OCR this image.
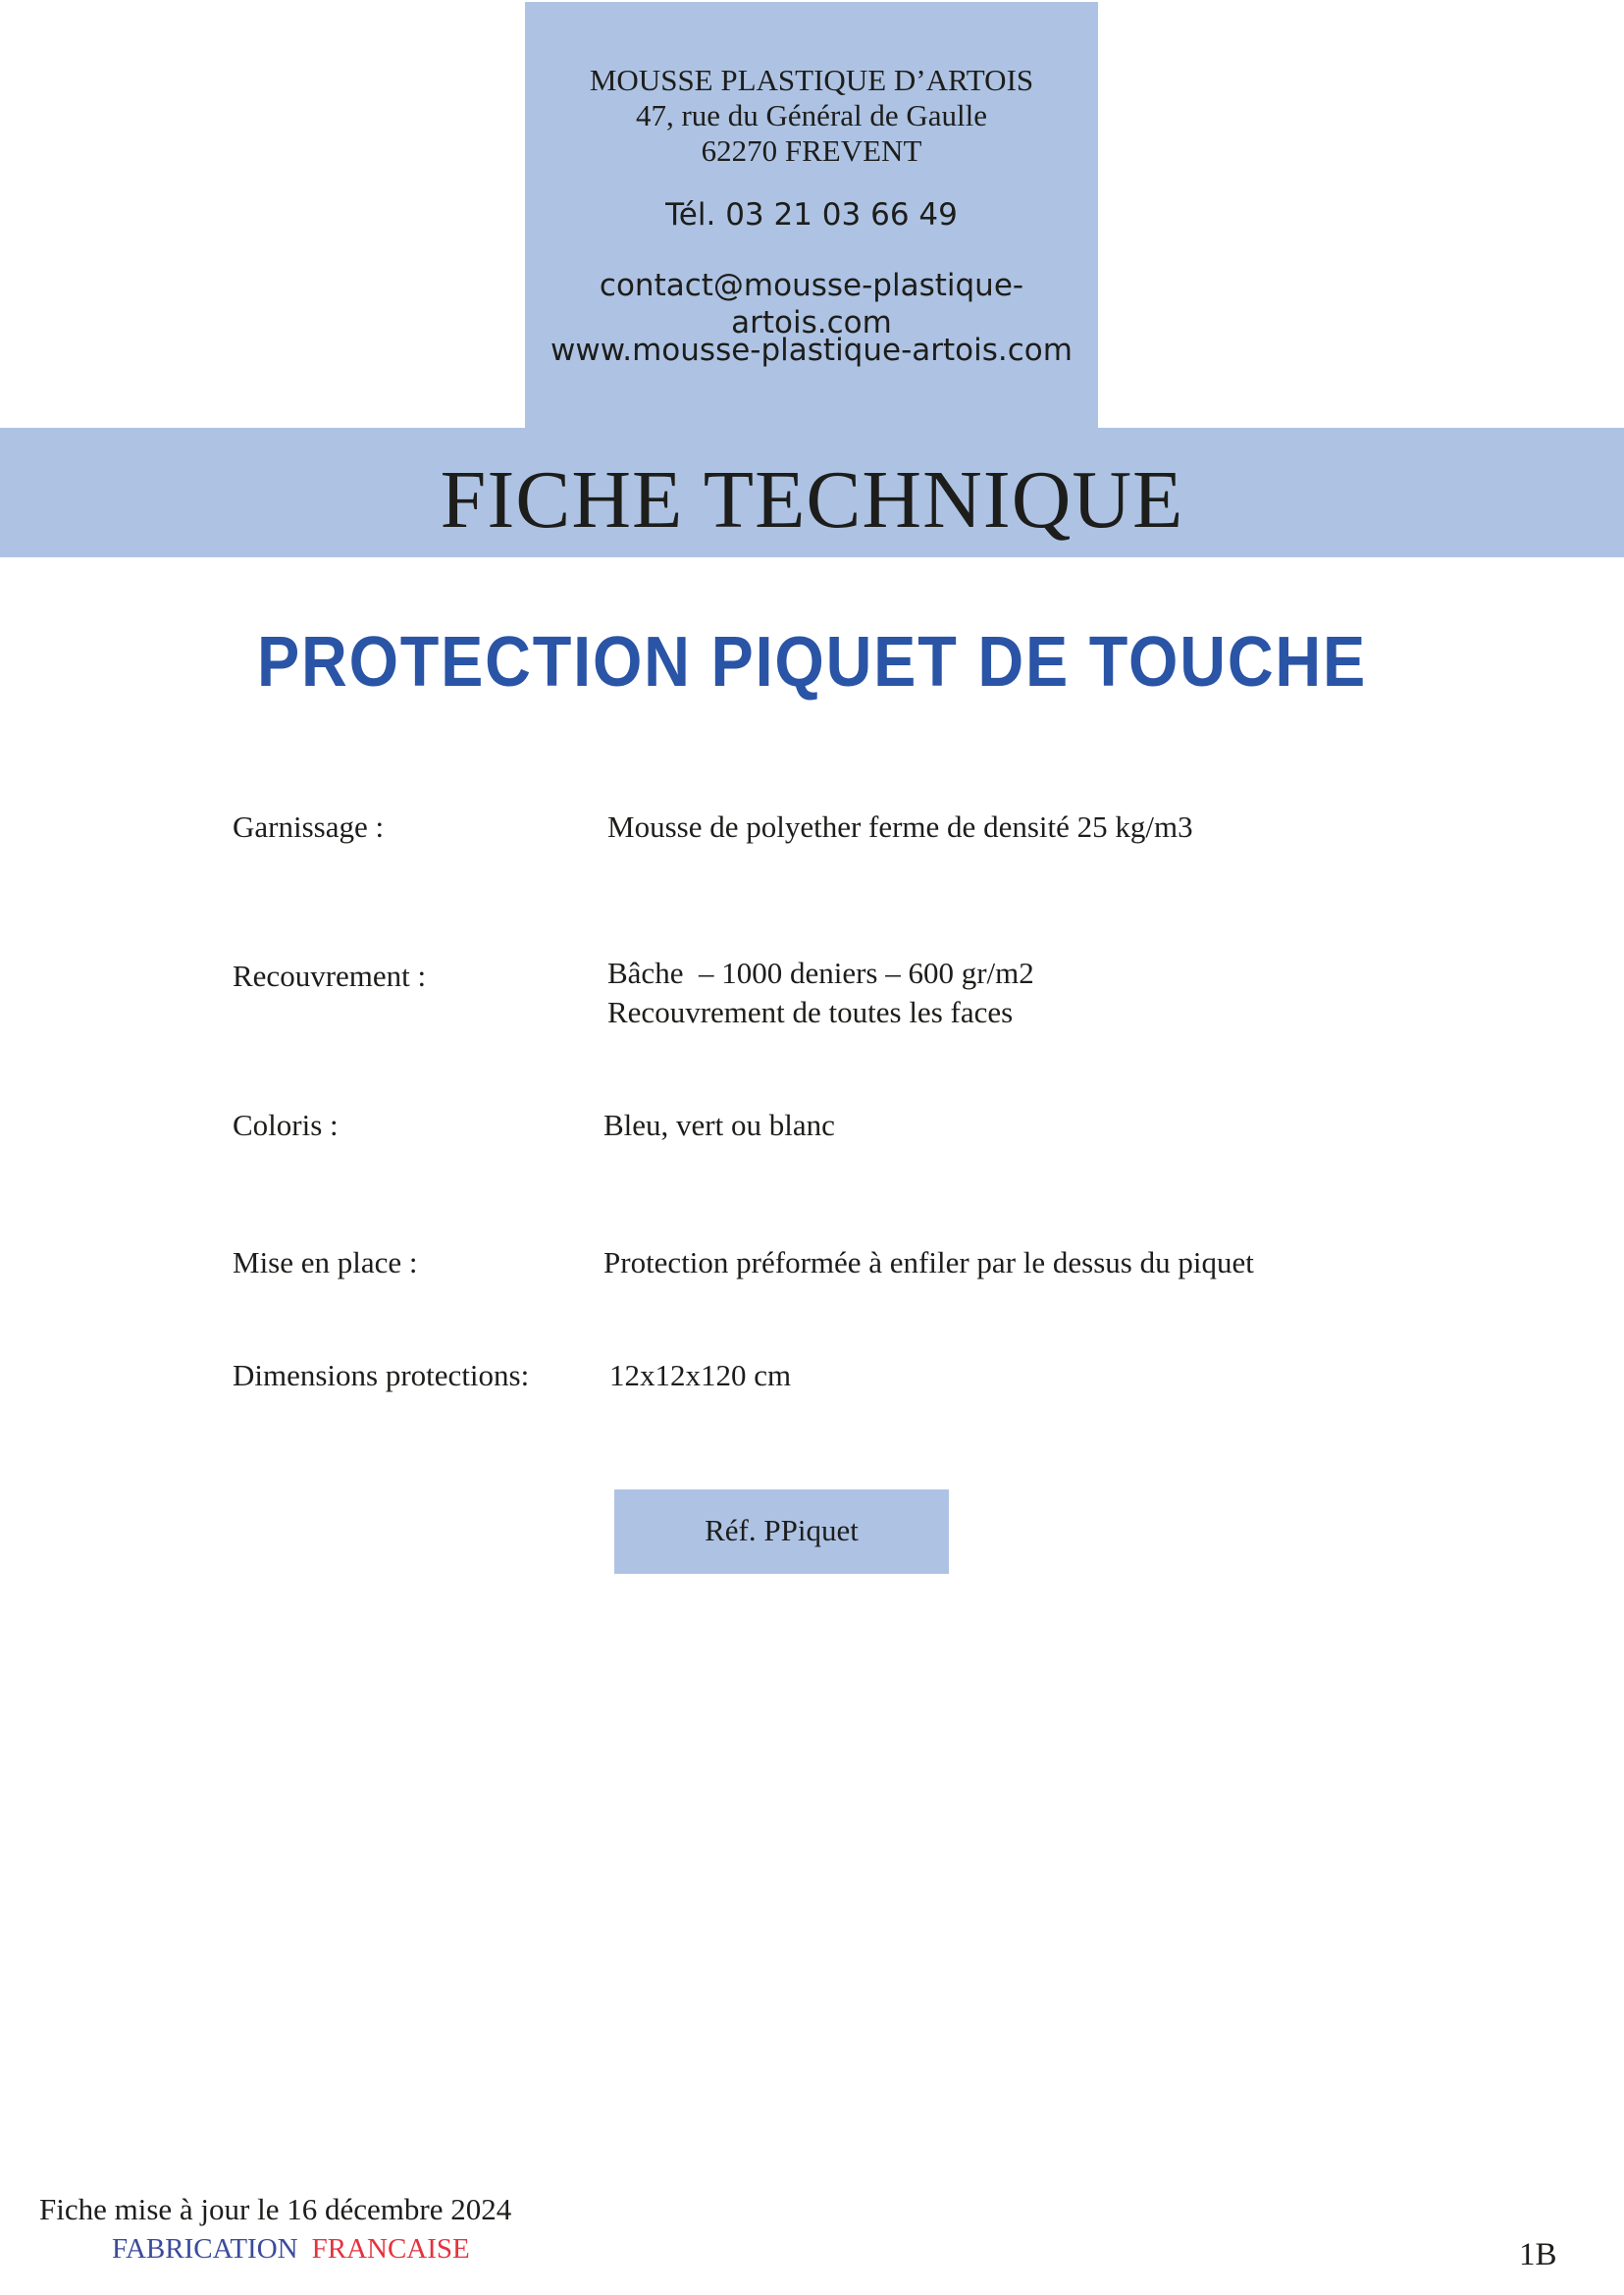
MOUSSE PLASTIQUE D’ARTOIS
47, rue du Général de Gaulle
62270 FREVENT
Tél. 03 21 03 66 49
contact@mousse-plastique-artois.com
www.mousse-plastique-artois.com
FICHE TECHNIQUE
PROTECTION PIQUET DE TOUCHE
Garnissage :	Mousse de polyether ferme de densité 25 kg/m3
Recouvrement :	Bâche  – 1000 deniers – 600 gr/m2
Recouvrement de toutes les faces
Coloris :	Bleu, vert ou blanc
Mise en place :	Protection préformée à enfiler par le dessus du piquet
Dimensions protections:	12x12x120 cm
Réf. PPiquet
Fiche mise à jour le 16 décembre 2024
FABRICATION FRANCAISE	1B
